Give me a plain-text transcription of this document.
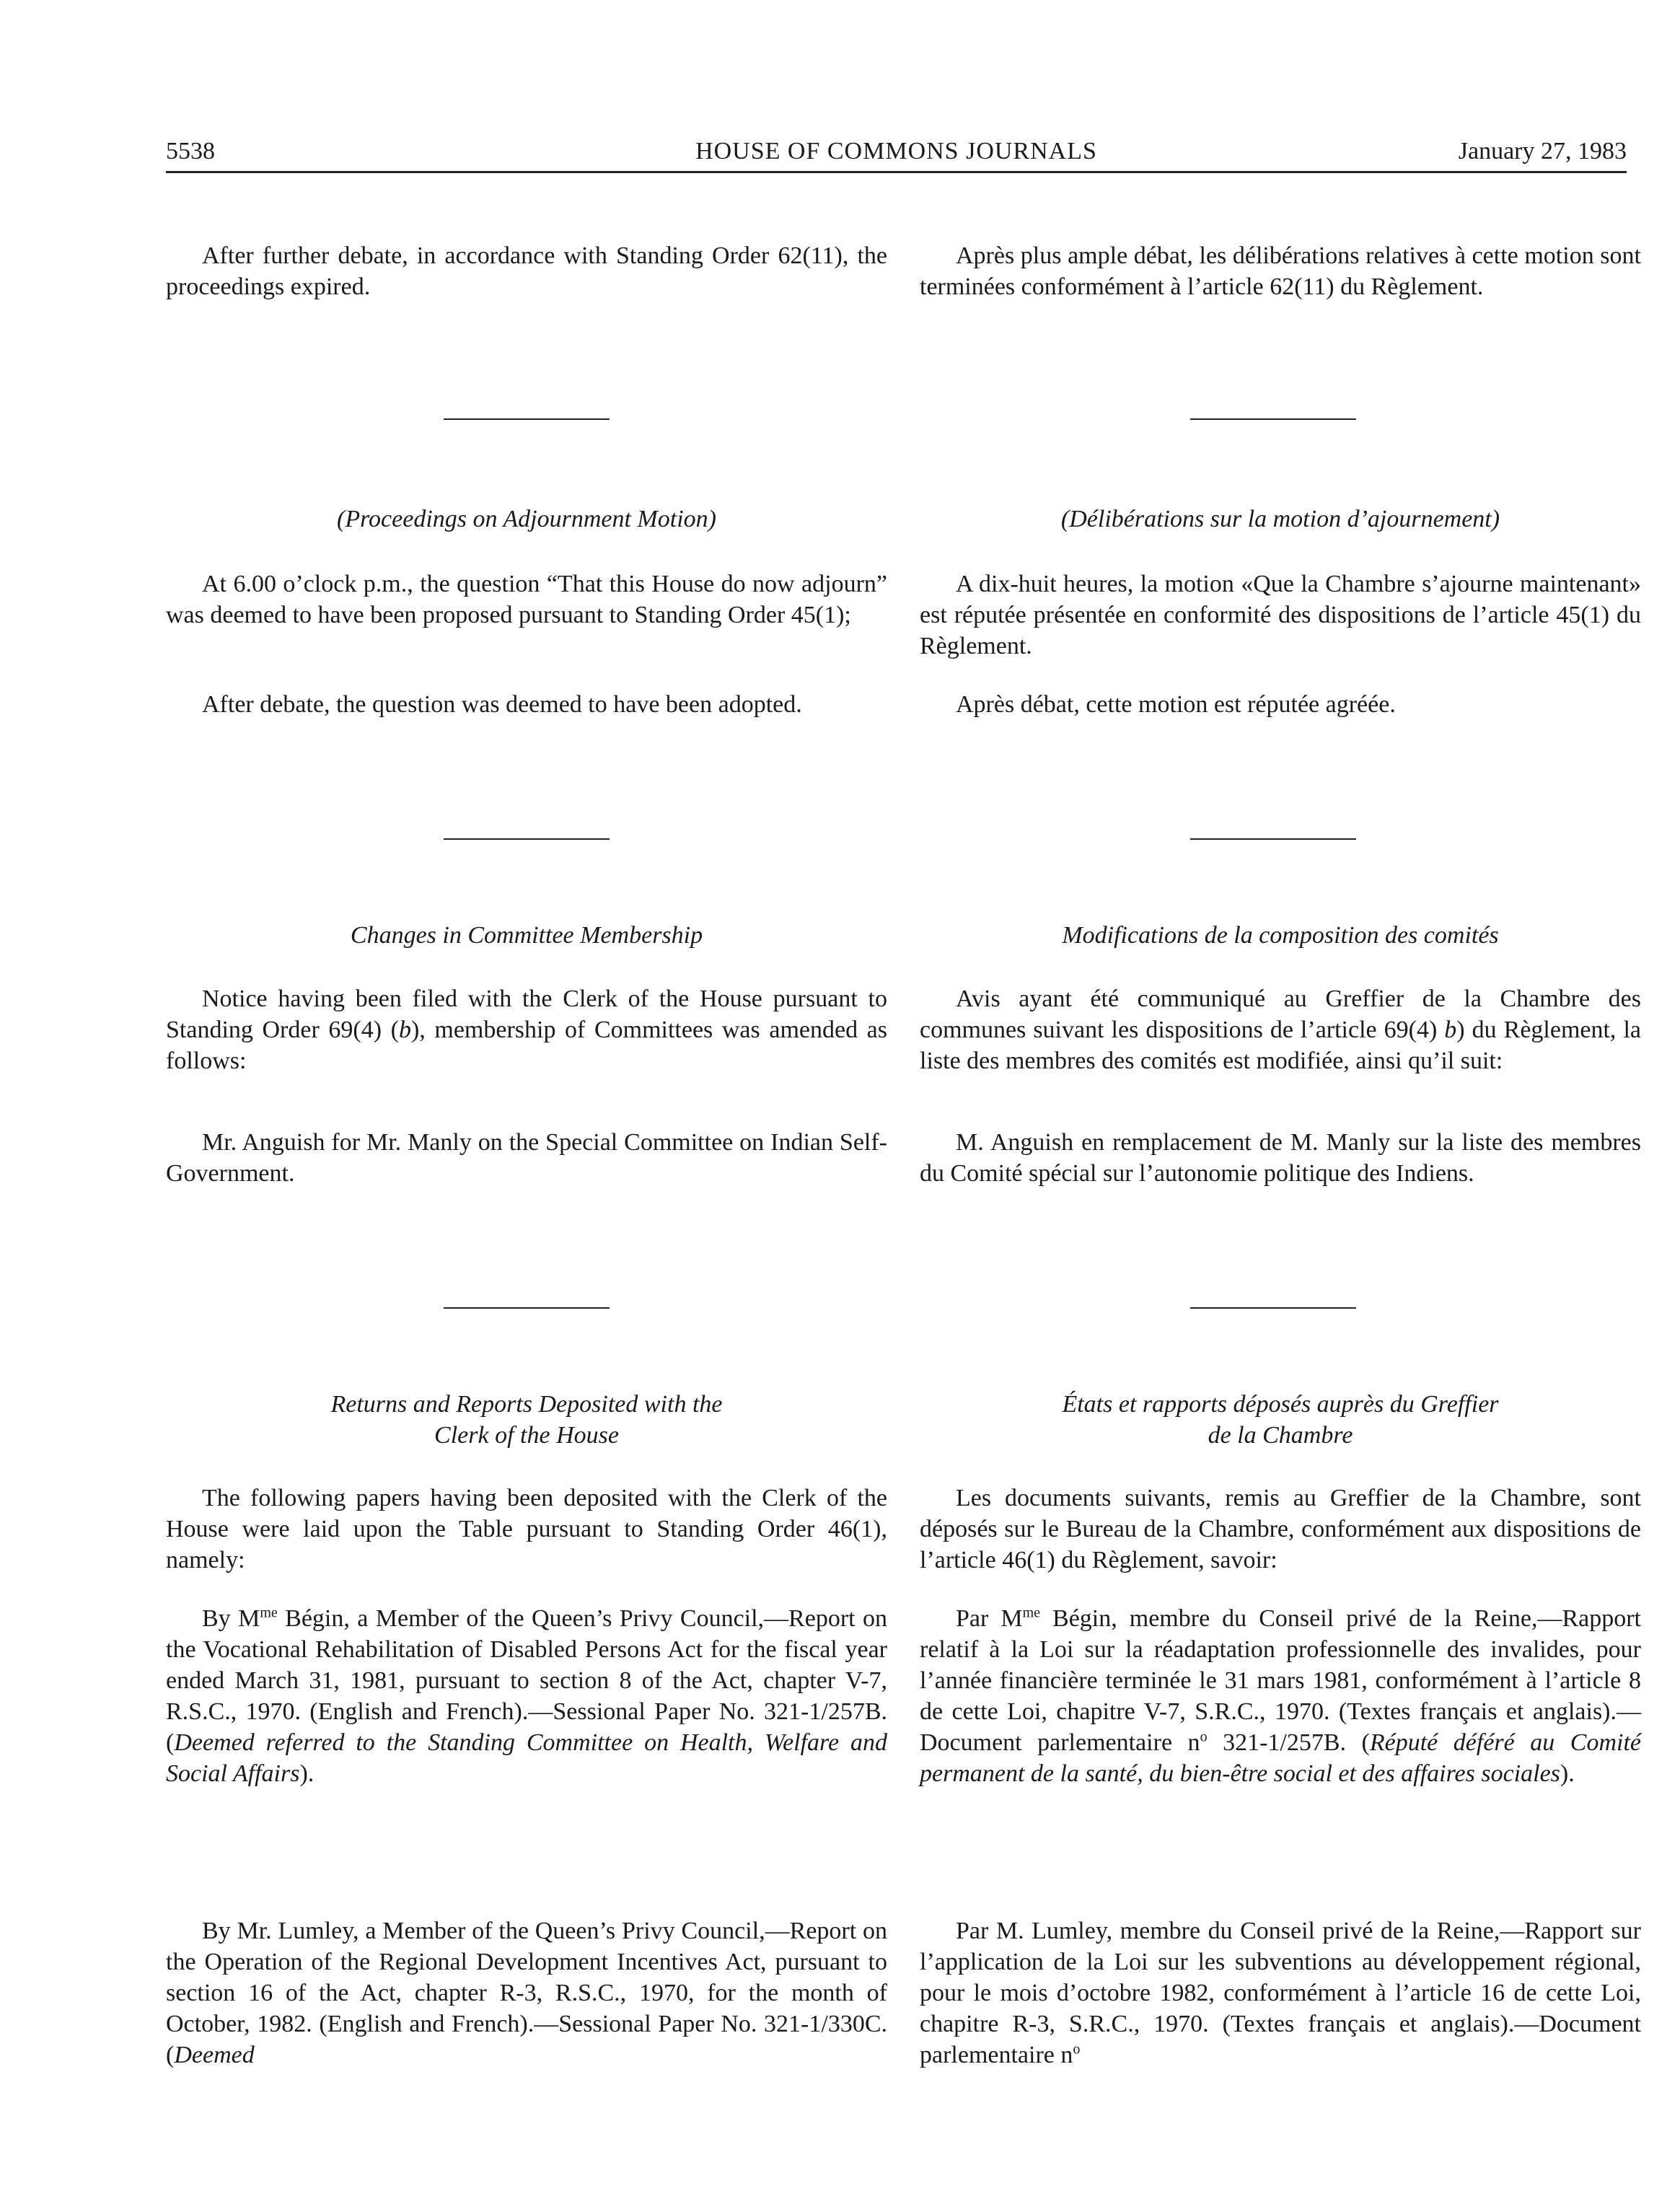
5538	HOUSE OF COMMONS JOURNALS	January 27, 1983

After further debate, in accordance with Standing Order 62(11), the proceedings expired.

(Proceedings on Adjournment Motion)

At 6.00 o’clock p.m., the question “That this House do now adjourn” was deemed to have been proposed pursuant to Standing Order 45(1);

After debate, the question was deemed to have been adopted.

Changes in Committee Membership

Notice having been filed with the Clerk of the House pursuant to Standing Order 69(4) (b), membership of Committees was amended as follows:

Mr. Anguish for Mr. Manly on the Special Committee on Indian Self-Government.

Returns and Reports Deposited with the

Clerk of the House

The following papers having been deposited with the Clerk of the House were laid upon the Table pursuant to Standing Order 46(1), namely:

By $M^{me}$ Bégin, a Member of the Queen’s Privy Council,—Report on the Vocational Rehabilitation of Disabled Persons Act for the fiscal year ended March 31, 1981, pursuant to section 8 of the Act, chapter V-7, R.S.C., 1970. (English and French).—Sessional Paper No. 321-1/257B. (Deemed referred to the Standing Committee on Health, Welfare and Social Affairs).

By Mr. Lumley, a Member of the Queen’s Privy Council,—Report on the Operation of the Regional Development Incentives Act, pursuant to section 16 of the Act, chapter R-3, R.S.C., 1970, for the month of October, 1982. (English and French).—Sessional Paper No. 321-1/330C. (Deemed

Après plus ample débat, les délibérations relatives à cette motion sont terminées conformément à l’article 62(11) du Règlement.

(Délibérations sur la motion d’ajournement)

A dix-huit heures, la motion «Que la Chambre s’ajourne maintenant» est réputée présentée en conformité des dispositions de l’article 45(1) du Règlement.

Après débat, cette motion est réputée agréée.

Modifications de la composition des comités

Avis ayant été communiqué au Greffier de la Chambre des communes suivant les dispositions de l’article 69(4) b) du Règlement, la liste des membres des comités est modifiée, ainsi qu’il suit:

M. Anguish en remplacement de M. Manly sur la liste des membres du Comité spécial sur l’autonomie politique des Indiens.

États et rapports déposés auprès du Greffier

de la Chambre

Les documents suivants, remis au Greffier de la Chambre, sont déposés sur le Bureau de la Chambre, conformément aux dispositions de l’article 46(1) du Règlement, savoir:

Par $M^{me}$ Bégin, membre du Conseil privé de la Reine,—Rapport relatif à la Loi sur la réadaptation professionnelle des invalides, pour l’année financière terminée le 31 mars 1981, conformément à l’article 8 de cette Loi, chapitre V-7, S.R.C., 1970. (Textes français et anglais).—Document parlementaire $n^o$ 321-1/257B. (Réputé déféré au Comité permanent de la santé, du bien-être social et des affaires sociales).

Par M. Lumley, membre du Conseil privé de la Reine,—Rapport sur l’application de la Loi sur les subventions au développement régional, pour le mois d’octobre 1982, conformément à l’article 16 de cette Loi, chapitre R-3, S.R.C., 1970. (Textes français et anglais).—Document parlementaire $n^o$
